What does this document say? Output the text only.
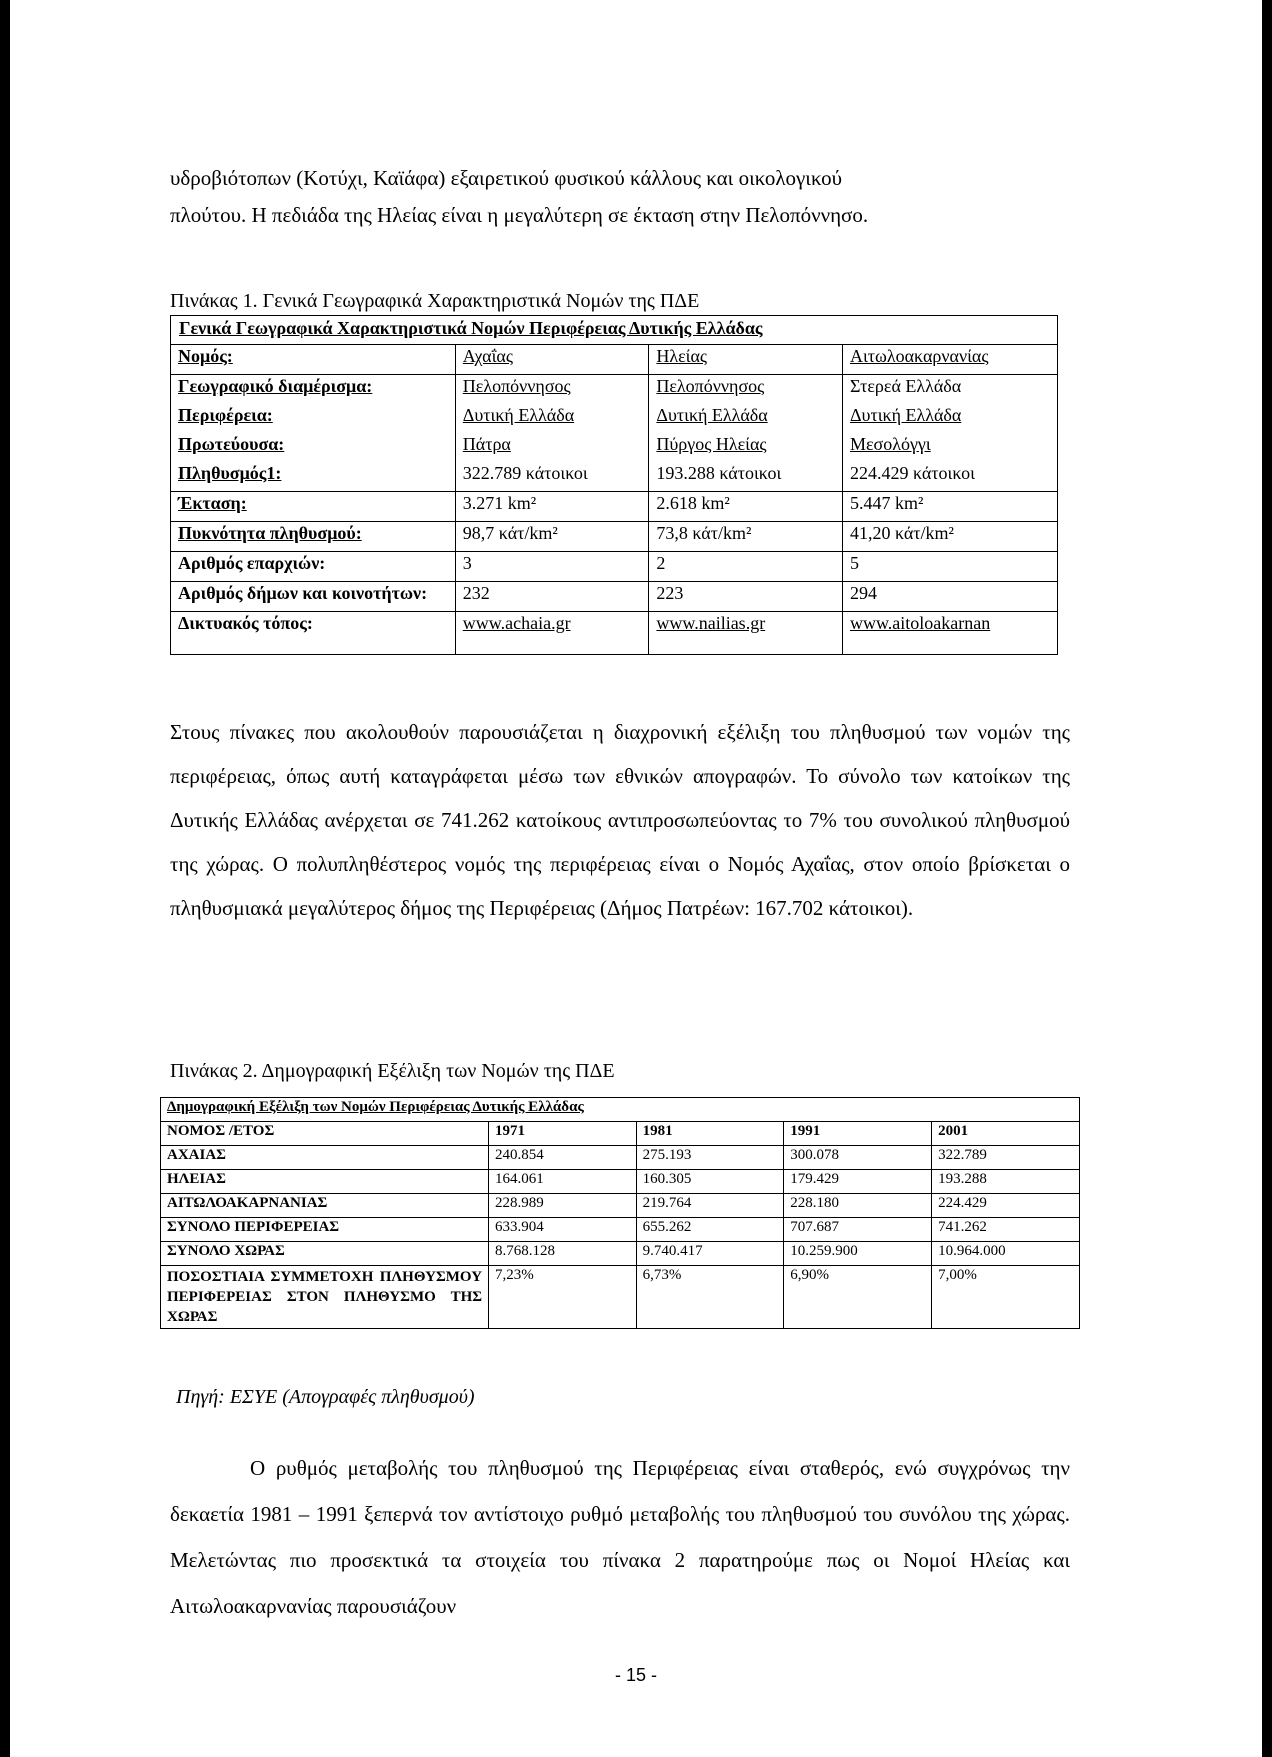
υδροβιότοπων (Κοτύχι, Καϊάφα) εξαιρετικού φυσικού κάλλους και οικολογικού
πλούτου. Η πεδιάδα της Ηλείας είναι η μεγαλύτερη σε έκταση στην Πελοπόννησο.
Πινάκας 1. Γενικά Γεωγραφικά Χαρακτηριστικά Νομών της ΠΔΕ
Γενικά Γεωγραφικά Χαρακτηριστικά Νομών Περιφέρειας Δυτικής Ελλάδας			
Νομός:	Αχαΐας	Ηλείας	Αιτωλοακαρνανίας
Γεωγραφικό διαμέρισμα:	Πελοπόννησος	Πελοπόννησος	Στερεά Ελλάδα
Περιφέρεια:	Δυτική Ελλάδα	Δυτική Ελλάδα	Δυτική Ελλάδα
Πρωτεύουσα:	Πάτρα	Πύργος Ηλείας	Μεσολόγγι
Πληθυσμός1:	322.789 κάτοικοι	193.288 κάτοικοι	224.429 κάτοικοι
Έκταση:	3.271 km²	2.618 km²	5.447 km²
Πυκνότητα πληθυσμού:	98,7 κάτ/km²	73,8 κάτ/km²	41,20 κάτ/km²
Αριθμός επαρχιών:	3	2	5
Αριθμός δήμων και κοινοτήτων:	232	223	294
Δικτυακός τόπος:	www.achaia.gr	www.nailias.gr	www.aitoloakarnan
Στους πίνακες που ακολουθούν παρουσιάζεται η διαχρονική εξέλιξη του πληθυσμού των νομών της περιφέρειας, όπως αυτή καταγράφεται μέσω των εθνικών απογραφών. Το σύνολο των κατοίκων της Δυτικής Ελλάδας ανέρχεται σε 741.262 κατοίκους αντιπροσωπεύοντας το 7% του συνολικού πληθυσμού της χώρας. Ο πολυπληθέστερος νομός της περιφέρειας είναι ο Νομός Αχαΐας, στον οποίο βρίσκεται ο πληθυσμιακά μεγαλύτερος δήμος της Περιφέρειας (Δήμος Πατρέων: 167.702 κάτοικοι).
Πινάκας 2. Δημογραφική Εξέλιξη των Νομών της ΠΔΕ
Δημογραφική Εξέλιξη των Νομών Περιφέρειας Δυτικής Ελλάδας				
ΝΟΜΟΣ /ΕΤΟΣ	1971	1981	1991	2001
ΑΧΑΙΑΣ	240.854	275.193	300.078	322.789
ΗΛΕΙΑΣ	164.061	160.305	179.429	193.288
ΑΙΤΩΛΟΑΚΑΡΝΑΝΙΑΣ	228.989	219.764	228.180	224.429
ΣΥΝΟΛΟ ΠΕΡΙΦΕΡΕΙΑΣ	633.904	655.262	707.687	741.262
ΣΥΝΟΛΟ ΧΩΡΑΣ	8.768.128	9.740.417	10.259.900	10.964.000
ΠΟΣΟΣΤΙΑΙΑ ΣΥΜΜΕΤΟΧΗ ΠΛΗΘΥΣΜΟΥ ΠΕΡΙΦΕΡΕΙΑΣ ΣΤΟΝ ΠΛΗΘΥΣΜΟ ΤΗΣ ΧΩΡΑΣ	7,23%	6,73%	6,90%	7,00%
Πηγή: ΕΣΥΕ (Απογραφές πληθυσμού)
Ο ρυθμός μεταβολής του πληθυσμού της Περιφέρειας είναι σταθερός, ενώ συγχρόνως την δεκαετία 1981 – 1991 ξεπερνά τον αντίστοιχο ρυθμό μεταβολής του πληθυσμού του συνόλου της χώρας. Μελετώντας πιο προσεκτικά τα στοιχεία του πίνακα 2 παρατηρούμε πως οι Νομοί Ηλείας και Αιτωλοακαρνανίας παρουσιάζουν
- 15 -
